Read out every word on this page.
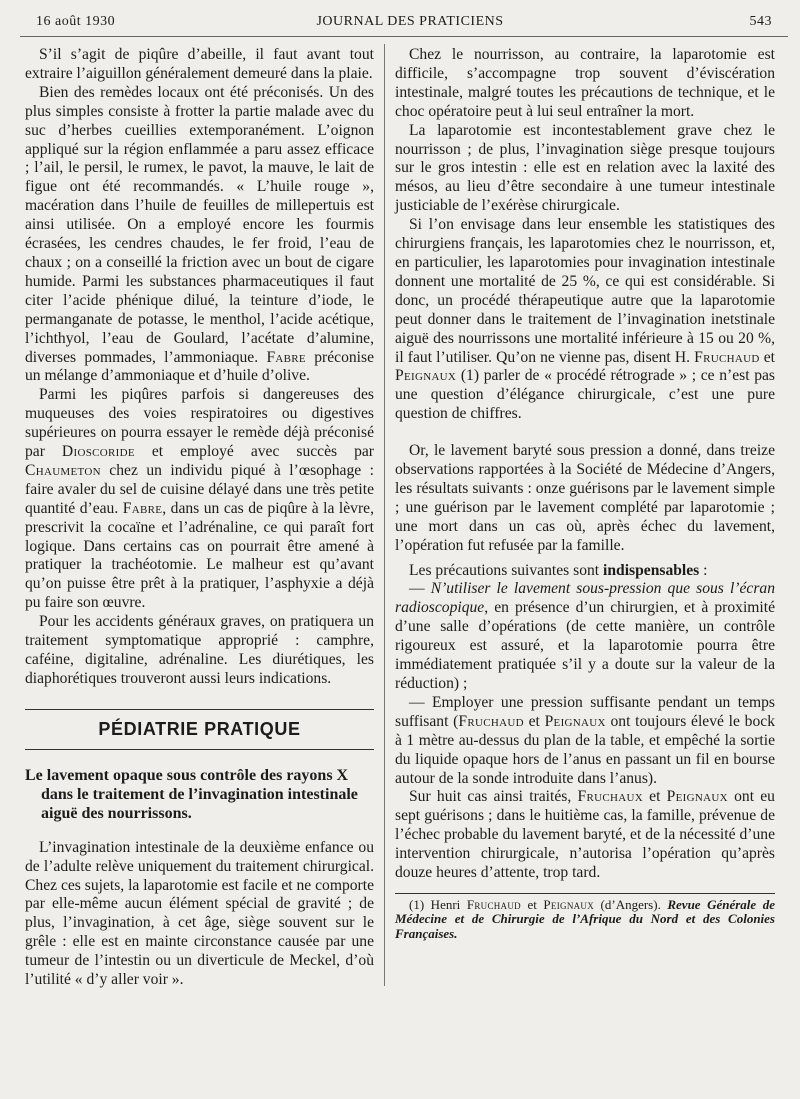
16 août 1930	JOURNAL DES PRATICIENS	543

S’il s’agit de piqûre d’abeille, il faut avant tout extraire l’aiguillon généralement demeuré dans la plaie.

Bien des remèdes locaux ont été préconisés. Un des plus simples consiste à frotter la partie malade avec du suc d’herbes cueillies extemporanément. L’oignon appliqué sur la région enflammée a paru assez efficace ; l’ail, le persil, le rumex, le pavot, la mauve, le lait de figue ont été recommandés. « L’huile rouge », macération dans l’huile de feuilles de millepertuis est ainsi utilisée. On a employé encore les fourmis écrasées, les cendres chaudes, le fer froid, l’eau de chaux ; on a conseillé la friction avec un bout de cigare humide. Parmi les substances pharmaceutiques il faut citer l’acide phénique dilué, la teinture d’iode, le permanganate de potasse, le menthol, l’acide acétique, l’ichthyol, l’eau de Goulard, l’acétate d’alumine, diverses pommades, l’ammoniaque. Fabre préconise un mélange d’ammoniaque et d’huile d’olive.

Parmi les piqûres parfois si dangereuses des muqueuses des voies respiratoires ou digestives supérieures on pourra essayer le remède déjà préconisé par Dioscoride et employé avec succès par Chaumeton chez un individu piqué à l’œsophage : faire avaler du sel de cuisine délayé dans une très petite quantité d’eau. Fabre, dans un cas de piqûre à la lèvre, prescrivit la cocaïne et l’adrénaline, ce qui paraît fort logique. Dans certains cas on pourrait être amené à pratiquer la trachéotomie. Le malheur est qu’avant qu’on puisse être prêt à la pratiquer, l’asphyxie a déjà pu faire son œuvre.

Pour les accidents généraux graves, on pratiquera un traitement symptomatique approprié : camphre, caféine, digitaline, adrénaline. Les diurétiques, les diaphorétiques trouveront aussi leurs indications.

PÉDIATRIE PRATIQUE
Le lavement opaque sous contrôle des rayons X
dans le traitement de l’invagination intestinale aiguë des nourrissons.

L’invagination intestinale de la deuxième enfance ou de l’adulte relève uniquement du traitement chirurgical. Chez ces sujets, la laparotomie est facile et ne comporte par elle-même aucun élément spécial de gravité ; de plus, l’invagination, à cet âge, siège souvent sur le grêle : elle est en mainte circonstance causée par une tumeur de l’intestin ou un diverticule de Meckel, d’où l’utilité « d’y aller voir ».

Chez le nourrisson, au contraire, la laparotomie est difficile, s’accompagne trop souvent d’éviscération intestinale, malgré toutes les précautions de technique, et le choc opératoire peut à lui seul entraîner la mort.

La laparotomie est incontestablement grave chez le nourrisson ; de plus, l’invagination siège presque toujours sur le gros intestin : elle est en relation avec la laxité des mésos, au lieu d’être secondaire à une tumeur intestinale justiciable de l’exérèse chirurgicale.

Si l’on envisage dans leur ensemble les statistiques des chirurgiens français, les laparotomies chez le nourrisson, et, en particulier, les laparotomies pour invagination intestinale donnent une mortalité de 25 %, ce qui est considérable. Si donc, un procédé thérapeutique autre que la laparotomie peut donner dans le traitement de l’invagination inetstinale aiguë des nourrissons une mortalité inférieure à 15 ou 20 %, il faut l’utiliser. Qu’on ne vienne pas, disent H. Fruchaud et Peignaux (1) parler de « procédé rétrograde » ; ce n’est pas une question d’élégance chirurgicale, c’est une pure question de chiffres.

Or, le lavement baryté sous pression a donné, dans treize observations rapportées à la Société de Médecine d’Angers, les résultats suivants : onze guérisons par le lavement simple ; une guérison par le lavement complété par laparotomie ; une mort dans un cas où, après échec du lavement, l’opération fut refusée par la famille.

Les précautions suivantes sont indispensables :

— N’utiliser le lavement sous-pression que sous l’écran radioscopique, en présence d’un chirurgien, et à proximité d’une salle d’opérations (de cette manière, un contrôle rigoureux est assuré, et la laparotomie pourra être immédiatement pratiquée s’il y a doute sur la valeur de la réduction) ;

— Employer une pression suffisante pendant un temps suffisant (Fruchaud et Peignaux ont toujours élevé le bock à 1 mètre au-dessus du plan de la table, et empêché la sortie du liquide opaque hors de l’anus en passant un fil en bourse autour de la sonde introduite dans l’anus).

Sur huit cas ainsi traités, Fruchaux et Peignaux ont eu sept guérisons ; dans le huitième cas, la famille, prévenue de l’échec probable du lavement baryté, et de la nécessité d’une intervention chirurgicale, n’autorisa l’opération qu’après douze heures d’attente, trop tard.

(1) Henri Fruchaud et Peignaux (d’Angers). Revue Générale de Médecine et de Chirurgie de l’Afrique du Nord et des Colonies Françaises.
